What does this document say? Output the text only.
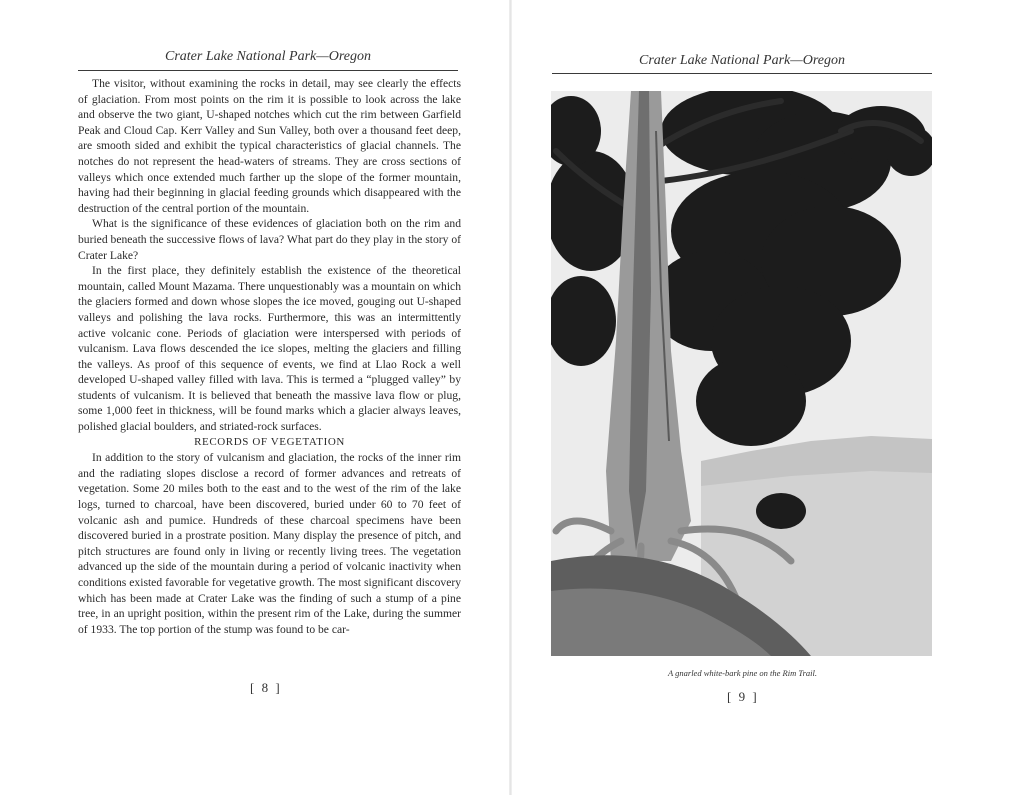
Crater Lake National Park—Oregon

The visitor, without examining the rocks in detail, may see clearly the effects of glaciation. From most points on the rim it is possible to look across the lake and observe the two giant, U-shaped notches which cut the rim between Garfield Peak and Cloud Cap. Kerr Valley and Sun Valley, both over a thousand feet deep, are smooth sided and exhibit the typical characteristics of glacial channels. The notches do not represent the head-waters of streams. They are cross sections of valleys which once extended much farther up the slope of the former mountain, having had their beginning in glacial feeding grounds which disappeared with the destruction of the central portion of the mountain.

What is the significance of these evidences of glaciation both on the rim and buried beneath the successive flows of lava? What part do they play in the story of Crater Lake?

In the first place, they definitely establish the existence of the theoretical mountain, called Mount Mazama. There unquestionably was a mountain on which the glaciers formed and down whose slopes the ice moved, gouging out U-shaped valleys and polishing the lava rocks. Furthermore, this was an intermittently active volcanic cone. Periods of glaciation were interspersed with periods of vulcanism. Lava flows descended the ice slopes, melting the glaciers and filling the valleys. As proof of this sequence of events, we find at Llao Rock a well developed U-shaped valley filled with lava. This is termed a “plugged valley” by students of vulcanism. It is believed that beneath the massive lava flow or plug, some 1,000 feet in thickness, will be found marks which a glacier always leaves, polished glacial boulders, and striated-rock surfaces.

RECORDS OF VEGETATION

In addition to the story of vulcanism and glaciation, the rocks of the inner rim and the radiating slopes disclose a record of former advances and retreats of vegetation. Some 20 miles both to the east and to the west of the rim of the lake logs, turned to charcoal, have been discovered, buried under 60 to 70 feet of volcanic ash and pumice. Hundreds of these charcoal specimens have been discovered buried in a prostrate position. Many display the presence of pitch, and pitch structures are found only in living or recently living trees. The vegetation advanced up the side of the mountain during a period of volcanic inactivity when conditions existed favorable for vegetative growth. The most significant discovery which has been made at Crater Lake was the finding of such a stump of a pine tree, in an upright position, within the present rim of the Lake, during the summer of 1933. The top portion of the stump was found to be car-

[ 8 ]
Crater Lake National Park—Oregon
A gnarled white-bark pine on the Rim Trail.
[ 9 ]
